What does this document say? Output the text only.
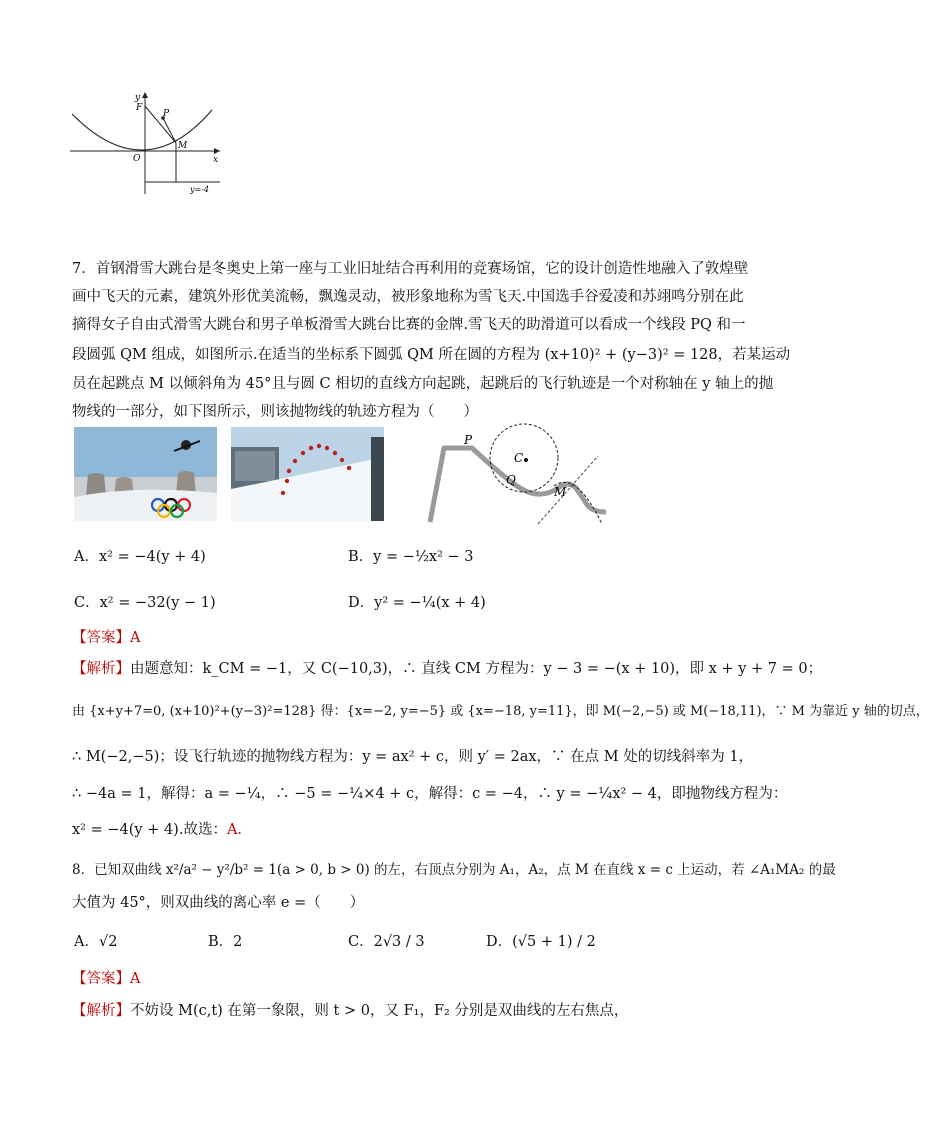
y
x
O
F
P
M
y=-4
7．首钢滑雪大跳台是冬奥史上第一座与工业旧址结合再利用的竞赛场馆，它的设计创造性地融入了敦煌壁
画中飞天的元素，建筑外形优美流畅，飘逸灵动，被形象地称为雪飞天.中国选手谷爱凌和苏翊鸣分别在此
摘得女子自由式滑雪大跳台和男子单板滑雪大跳台比赛的金牌.雪飞天的助滑道可以看成一个线段 PQ 和一
段圆弧 QM 组成，如图所示.在适当的坐标系下圆弧 QM 所在圆的方程为 (x+10)² + (y−3)² = 128，若某运动
员在起跳点 M 以倾斜角为 45°且与圆 C 相切的直线方向起跳，起跳后的飞行轨迹是一个对称轴在 y 轴上的抛
物线的一部分，如下图所示，则该抛物线的轨迹方程为（　　）
P
C
Q
M
A．x² = −4(y + 4)	B．y = −½x² − 3
C．x² = −32(y − 1)	D．y² = −¼(x + 4)
【答案】A
【解析】由题意知：k_CM = −1，又 C(−10,3)，∴ 直线 CM 方程为：y − 3 = −(x + 10)，即 x + y + 7 = 0；
由 {x+y+7=0, (x+10)²+(y−3)²=128} 得：{x=−2, y=−5} 或 {x=−18, y=11}，即 M(−2,−5) 或 M(−18,11)，∵ M 为靠近 y 轴的切点，
∴ M(−2,−5)；设飞行轨迹的抛物线方程为：y = ax² + c，则 y′ = 2ax，∵ 在点 M 处的切线斜率为 1，
∴ −4a = 1，解得：a = −¼，∴ −5 = −¼×4 + c，解得：c = −4，∴ y = −¼x² − 4，即抛物线方程为：
x² = −4(y + 4).故选：A.
8．已知双曲线 x²/a² − y²/b² = 1(a > 0, b > 0) 的左，右顶点分别为 A₁，A₂，点 M 在直线 x = c 上运动，若 ∠A₁MA₂ 的最
大值为 45°，则双曲线的离心率 e =（　　）
A．√2	B．2	C．2√3 / 3	D．(√5 + 1) / 2
【答案】A
【解析】不妨设 M(c,t) 在第一象限，则 t > 0，又 F₁，F₂ 分别是双曲线的左右焦点，
